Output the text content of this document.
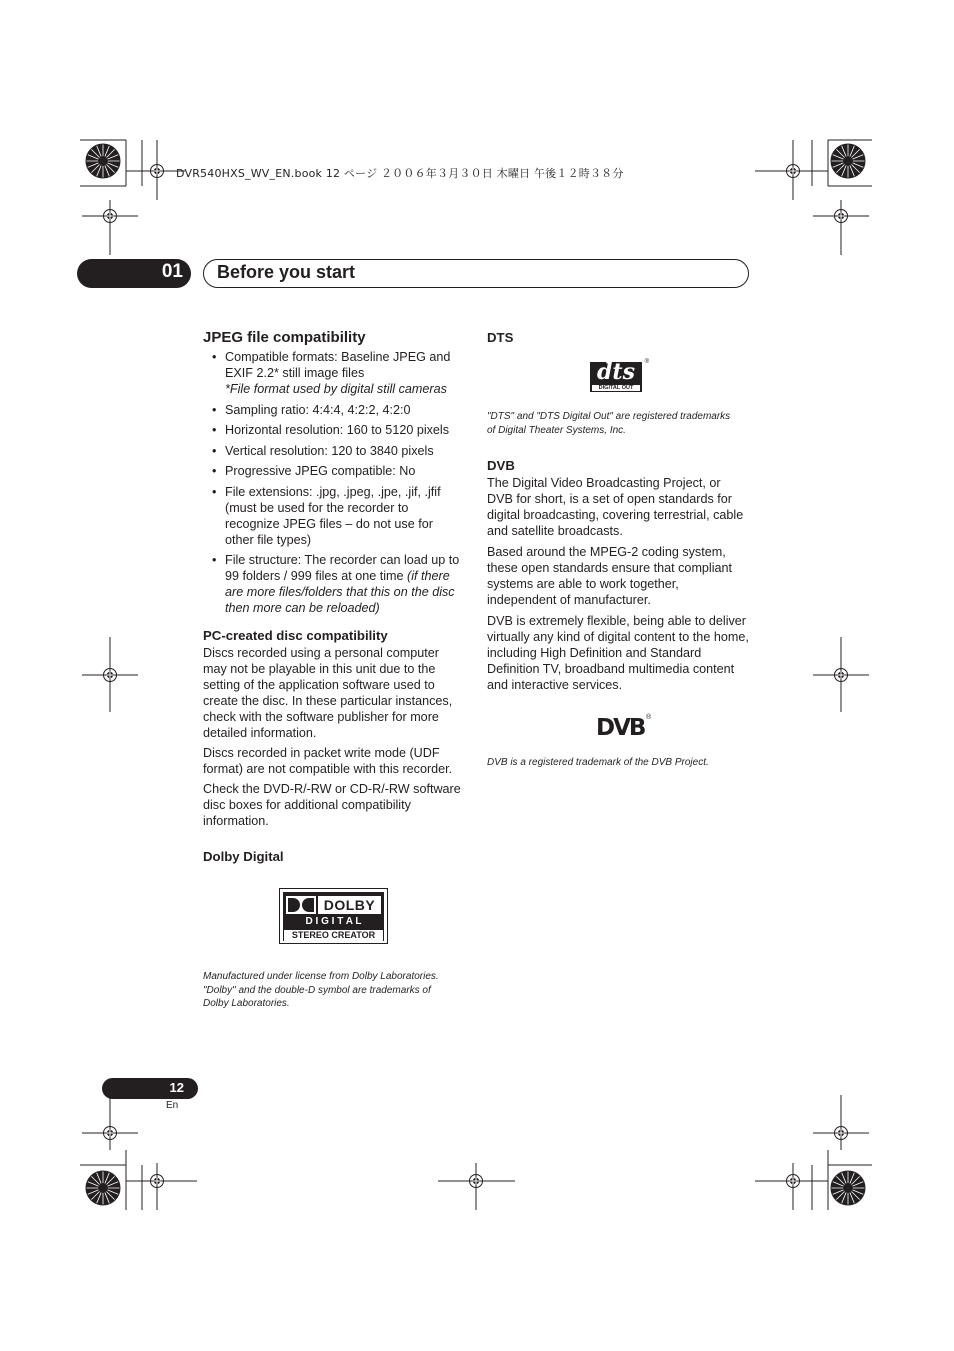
DVR540HXS_WV_EN.book 12 ページ ２００６年３月３０日 木曜日 午後１２時３８分
01 Before you start
JPEG file compatibility
• Compatible formats: Baseline JPEG and EXIF 2.2* still image files
*File format used by digital still cameras
• Sampling ratio: 4:4:4, 4:2:2, 4:2:0
• Horizontal resolution: 160 to 5120 pixels
• Vertical resolution: 120 to 3840 pixels
• Progressive JPEG compatible: No
• File extensions: .jpg, .jpeg, .jpe, .jif, .jfif (must be used for the recorder to recognize JPEG files – do not use for other file types)
• File structure: The recorder can load up to 99 folders / 999 files at one time (if there are more files/folders that this on the disc then more can be reloaded)
PC-created disc compatibility

Discs recorded using a personal computer may not be playable in this unit due to the setting of the application software used to create the disc. In these particular instances, check with the software publisher for more detailed information.

Discs recorded in packet write mode (UDF format) are not compatible with this recorder.

Check the DVD-R/-RW or CD-R/-RW software disc boxes for additional compatibility information.

Dolby Digital
DOLBY
D I G I T A L
STEREO CREATOR
Manufactured under license from Dolby Laboratories.
"Dolby" and the double-D symbol are trademarks of
Dolby Laboratories.
DTS
dts
DIGITAL OUT
®
"DTS" and "DTS Digital Out" are registered trademarks
of Digital Theater Systems, Inc.
DVB

The Digital Video Broadcasting Project, or DVB for short, is a set of open standards for digital broadcasting, covering terrestrial, cable and satellite broadcasts.

Based around the MPEG-2 coding system, these open standards ensure that compliant systems are able to work together, independent of manufacturer.

DVB is extremely flexible, being able to deliver virtually any kind of digital content to the home, including High Definition and Standard Definition TV, broadband multimedia content and interactive services.

DVB ®
DVB is a registered trademark of the DVB Project.
12
En
